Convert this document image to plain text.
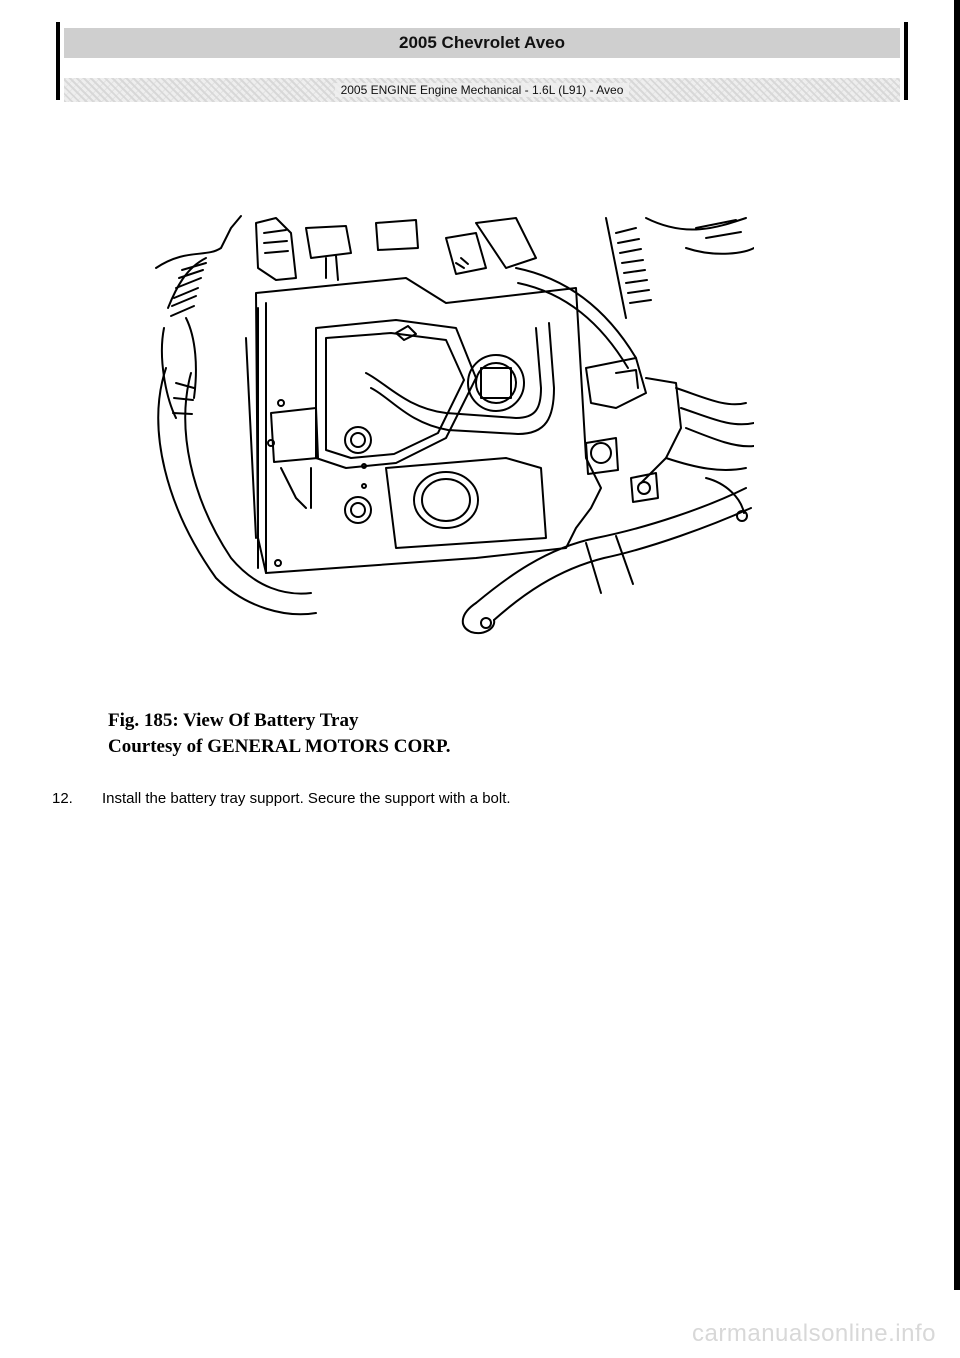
2005 Chevrolet Aveo
2005 ENGINE Engine Mechanical - 1.6L (L91) - Aveo
Fig. 185: View Of Battery Tray
Courtesy of GENERAL MOTORS CORP.
12.	Install the battery tray support. Secure the support with a bolt.
carmanualsonline.info
